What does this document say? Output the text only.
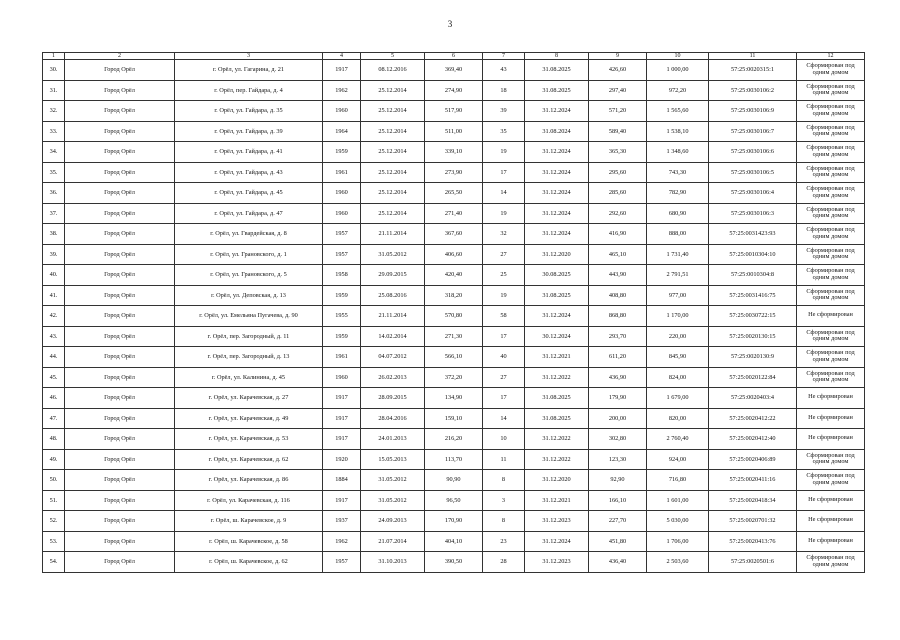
3
1	2	3	4	5	6	7	8	9	10	11	12
30.	Город Орёл	г. Орёл, ул. Гагарина, д. 21	1917	08.12.2016	369,40	43	31.08.2025	426,60	1 000,00	57:25:0020315:1	Сформирован под одним домом
31.	Город Орёл	г. Орёл, пер. Гайдара, д. 4	1962	25.12.2014	274,90	18	31.08.2025	297,40	972,20	57:25:0030106:2	Сформирован под одним домом
32.	Город Орёл	г. Орёл, ул. Гайдара, д. 35	1960	25.12.2014	517,90	39	31.12.2024	571,20	1 565,60	57:25:0030106:9	Сформирован под одним домом
33.	Город Орёл	г. Орёл, ул. Гайдара, д. 39	1964	25.12.2014	511,00	35	31.08.2024	589,40	1 538,10	57:25:0030106:7	Сформирован под одним домом
34.	Город Орёл	г. Орёл, ул. Гайдара, д. 41	1959	25.12.2014	339,10	19	31.12.2024	365,30	1 348,60	57:25:0030106:6	Сформирован под одним домом
35.	Город Орёл	г. Орёл, ул. Гайдара, д. 43	1961	25.12.2014	273,90	17	31.12.2024	295,60	743,30	57:25:0030106:5	Сформирован под одним домом
36.	Город Орёл	г. Орёл, ул. Гайдара, д. 45	1960	25.12.2014	265,50	14	31.12.2024	285,60	782,90	57:25:0030106:4	Сформирован под одним домом
37.	Город Орёл	г. Орёл, ул. Гайдара, д. 47	1960	25.12.2014	271,40	19	31.12.2024	292,60	680,90	57:25:0030106:3	Сформирован под одним домом
38.	Город Орёл	г. Орёл, ул. Гвардейская, д. 8	1957	21.11.2014	367,60	32	31.12.2024	416,90	888,00	57:25:0031423:93	Сформирован под одним домом
39.	Город Орёл	г. Орёл, ул. Грановского, д. 1	1957	31.05.2012	406,60	27	31.12.2020	465,10	1 731,40	57:25:0010304:10	Сформирован под одним домом
40.	Город Орёл	г. Орёл, ул. Грановского, д. 5	1958	29.09.2015	420,40	25	30.08.2025	443,90	2 791,51	57:25:0010304:8	Сформирован под одним домом
41.	Город Орёл	г. Орёл, ул. Деповская, д. 13	1959	25.08.2016	318,20	19	31.08.2025	408,80	977,00	57:25:0031416:75	Сформирован под одним домом
42.	Город Орёл	г. Орёл, ул. Емельяна Пугачева, д. 90	1955	21.11.2014	570,80	58	31.12.2024	868,80	1 170,00	57:25:0030722:15	Не сформирован
43.	Город Орёл	г. Орёл, пер. Загородный, д. 11	1959	14.02.2014	271,30	17	30.12.2024	293,70	220,00	57:25:0020130:15	Сформирован под одним домом
44.	Город Орёл	г. Орёл, пер. Загородный, д. 13	1961	04.07.2012	566,10	40	31.12.2021	611,20	845,90	57:25:0020130:9	Сформирован под одним домом
45.	Город Орёл	г. Орёл, ул. Калинина, д. 45	1960	26.02.2013	372,20	27	31.12.2022	436,90	824,00	57:25:0020122:84	Сформирован под одним домом
46.	Город Орёл	г. Орёл, ул. Карачевская, д. 27	1917	28.09.2015	134,90	17	31.08.2025	179,90	1 679,00	57:25:0020403:4	Не сформирован
47.	Город Орёл	г. Орёл, ул. Карачевская, д. 49	1917	28.04.2016	159,10	14	31.08.2025	200,00	820,00	57:25:0020412:22	Не сформирован
48.	Город Орёл	г. Орёл, ул. Карачевская, д. 53	1917	24.01.2013	216,20	10	31.12.2022	302,80	2 760,40	57:25:0020412:40	Не сформирован
49.	Город Орёл	г. Орёл, ул. Карачевская, д. 62	1920	15.05.2013	113,70	11	31.12.2022	123,30	924,00	57:25:0020406:89	Сформирован под одним домом
50.	Город Орёл	г. Орёл, ул. Карачевская, д. 86	1884	31.05.2012	90,90	8	31.12.2020	92,90	716,80	57:25:0020411:16	Сформирован под одним домом
51.	Город Орёл	г. Орёл, ул. Карачевская, д. 116	1917	31.05.2012	96,50	3	31.12.2021	166,10	1 601,00	57:25:0020418:34	Не сформирован
52.	Город Орёл	г. Орёл, ш. Карачевское, д. 9	1937	24.09.2013	170,90	8	31.12.2023	227,70	5 030,00	57:25:0020701:32	Не сформирован
53.	Город Орёл	г. Орёл, ш. Карачевское, д. 58	1962	21.07.2014	404,10	23	31.12.2024	451,80	1 706,00	57:25:0020413:76	Не сформирован
54.	Город Орёл	г. Орёл, ш. Карачевское, д. 62	1957	31.10.2013	390,50	28	31.12.2023	436,40	2 503,60	57:25:0020501:6	Сформирован под одним домом
